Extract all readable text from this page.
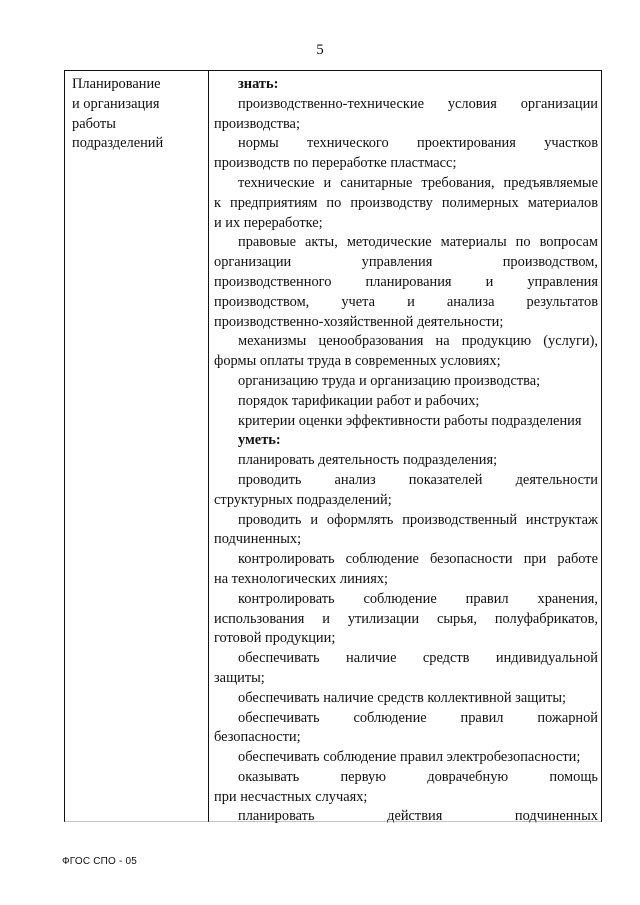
5
Планирование
и организация
работы
подразделений
знать:
производственно-технические условия организации
производства;
нормы технического проектирования участков
производств по переработке пластмасс;
технические и санитарные требования, предъявляемые
к предприятиям по производству полимерных материалов
и их переработке;
правовые акты, методические материалы по вопросам
организации управления производством,
производственного планирования и управления
производством, учета и анализа результатов
производственно-хозяйственной деятельности;
механизмы ценообразования на продукцию (услуги),
формы оплаты труда в современных условиях;
организацию труда и организацию производства;
порядок тарификации работ и рабочих;
критерии оценки эффективности работы подразделения
уметь:
планировать деятельность подразделения;
проводить анализ показателей деятельности
структурных подразделений;
проводить и оформлять производственный инструктаж
подчиненных;
контролировать соблюдение безопасности при работе
на технологических линиях;
контролировать соблюдение правил хранения,
использования и утилизации сырья, полуфабрикатов,
готовой продукции;
обеспечивать наличие средств индивидуальной
защиты;
обеспечивать наличие средств коллективной защиты;
обеспечивать соблюдение правил пожарной
безопасности;
обеспечивать соблюдение правил электробезопасности;
оказывать первую доврачебную помощь
при несчастных случаях;
планировать действия подчиненных
ФГОС СПО - 05
